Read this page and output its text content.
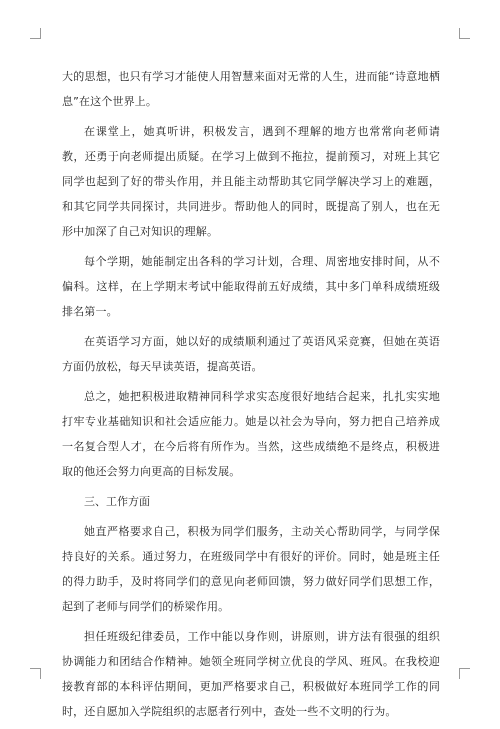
大的思想，也只有学习才能使人用智慧来面对无常的人生，进而能“诗意地栖息”在这个世界上。

在课堂上，她真听讲，积极发言，遇到不理解的地方也常常向老师请教，还勇于向老师提出质疑。在学习上做到不拖拉，提前预习，对班上其它同学也起到了好的带头作用，并且能主动帮助其它同学解决学习上的难题，和其它同学共同探讨，共同进步。帮助他人的同时，既提高了别人，也在无形中加深了自己对知识的理解。

每个学期，她能制定出各科的学习计划，合理、周密地安排时间，从不偏科。这样，在上学期末考试中能取得前五好成绩，其中多门单科成绩班级排名第一。

在英语学习方面，她以好的成绩顺利通过了英语风采竞赛，但她在英语方面仍放松，每天早读英语，提高英语。

总之，她把积极进取精神同科学求实态度很好地结合起来，扎扎实实地打牢专业基础知识和社会适应能力。她是以社会为导向，努力把自己培养成一名复合型人才，在今后将有所作为。当然，这些成绩绝不是终点，积极进取的他还会努力向更高的目标发展。

三、工作方面

她直严格要求自己，积极为同学们服务，主动关心帮助同学，与同学保持良好的关系。通过努力，在班级同学中有很好的评价。同时，她是班主任的得力助手，及时将同学们的意见向老师回馈，努力做好同学们思想工作，起到了老师与同学们的桥梁作用。

担任班级纪律委员，工作中能以身作则，讲原则，讲方法有很强的组织协调能力和团结合作精神。她领全班同学树立优良的学风、班风。在我校迎接教育部的本科评估期间，更加严格要求自己，积极做好本班同学工作的同时，还自愿加入学院组织的志愿者行列中，查处一些不文明的行为。
